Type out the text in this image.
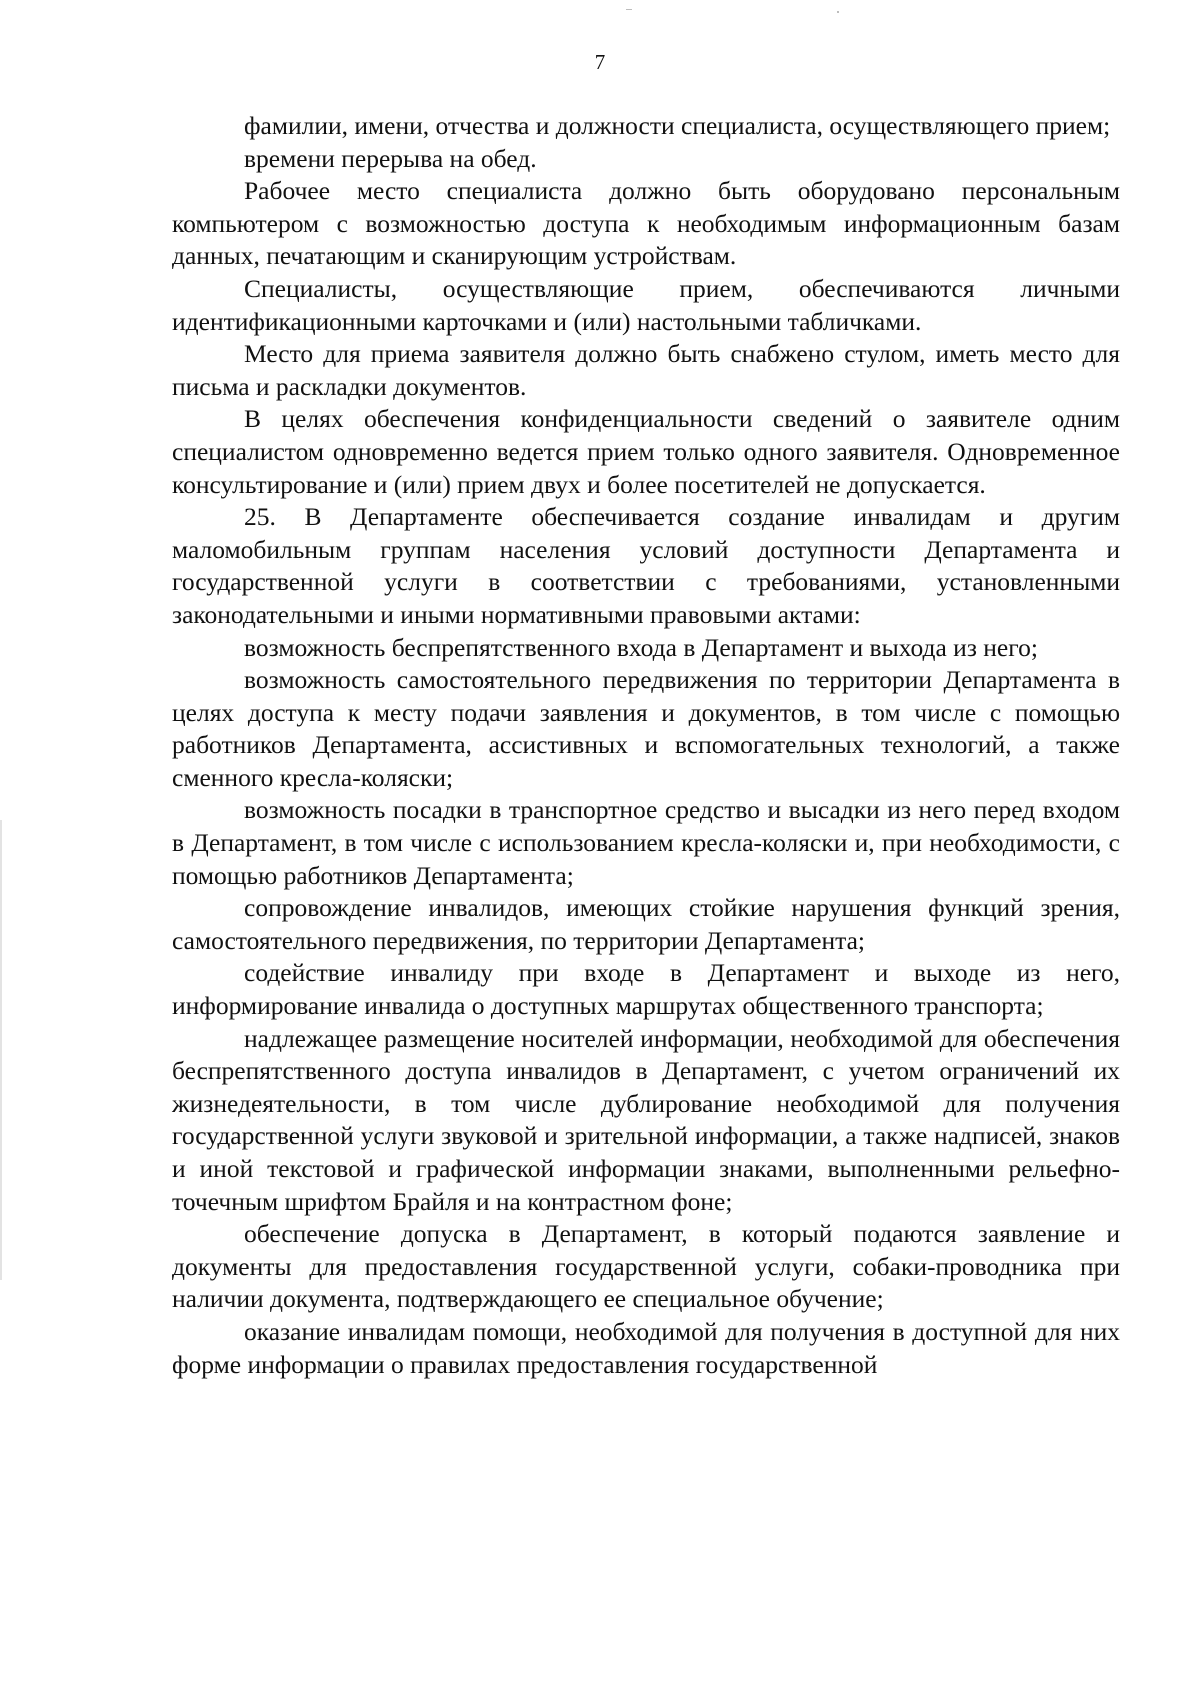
7

фамилии, имени, отчества и должности специалиста, осуществляющего прием;

времени перерыва на обед.

Рабочее место специалиста должно быть оборудовано персональным компьютером с возможностью доступа к необходимым информационным базам данных, печатающим и сканирующим устройствам.

Специалисты, осуществляющие прием, обеспечиваются личными идентификационными карточками и (или) настольными табличками.

Место для приема заявителя должно быть снабжено стулом, иметь место для письма и раскладки документов.

В целях обеспечения конфиденциальности сведений о заявителе одним специалистом одновременно ведется прием только одного заявителя. Одновременное консультирование и (или) прием двух и более посетителей не допускается.

25. В Департаменте обеспечивается создание инвалидам и другим маломобильным группам населения условий доступности Департамента и государственной услуги в соответствии с требованиями, установленными законодательными и иными нормативными правовыми актами:

возможность беспрепятственного входа в Департамент и выхода из него;

возможность самостоятельного передвижения по территории Департамента в целях доступа к месту подачи заявления и документов, в том числе с помощью работников Департамента, ассистивных и вспомогательных технологий, а также сменного кресла-коляски;

возможность посадки в транспортное средство и высадки из него перед входом в Департамент, в том числе с использованием кресла-коляски и, при необходимости, с помощью работников Департамента;

сопровождение инвалидов, имеющих стойкие нарушения функций зрения, самостоятельного передвижения, по территории Департамента;

содействие инвалиду при входе в Департамент и выходе из него, информирование инвалида о доступных маршрутах общественного транспорта;

надлежащее размещение носителей информации, необходимой для обеспечения беспрепятственного доступа инвалидов в Департамент, с учетом ограничений их жизнедеятельности, в том числе дублирование необходимой для получения государственной услуги звуковой и зрительной информации, а также надписей, знаков и иной текстовой и графической информации знаками, выполненными рельефно-точечным шрифтом Брайля и на контрастном фоне;

обеспечение допуска в Департамент, в который подаются заявление и документы для предоставления государственной услуги, собаки-проводника при наличии документа, подтверждающего ее специальное обучение;

оказание инвалидам помощи, необходимой для получения в доступной для них форме информации о правилах предоставления государственной
